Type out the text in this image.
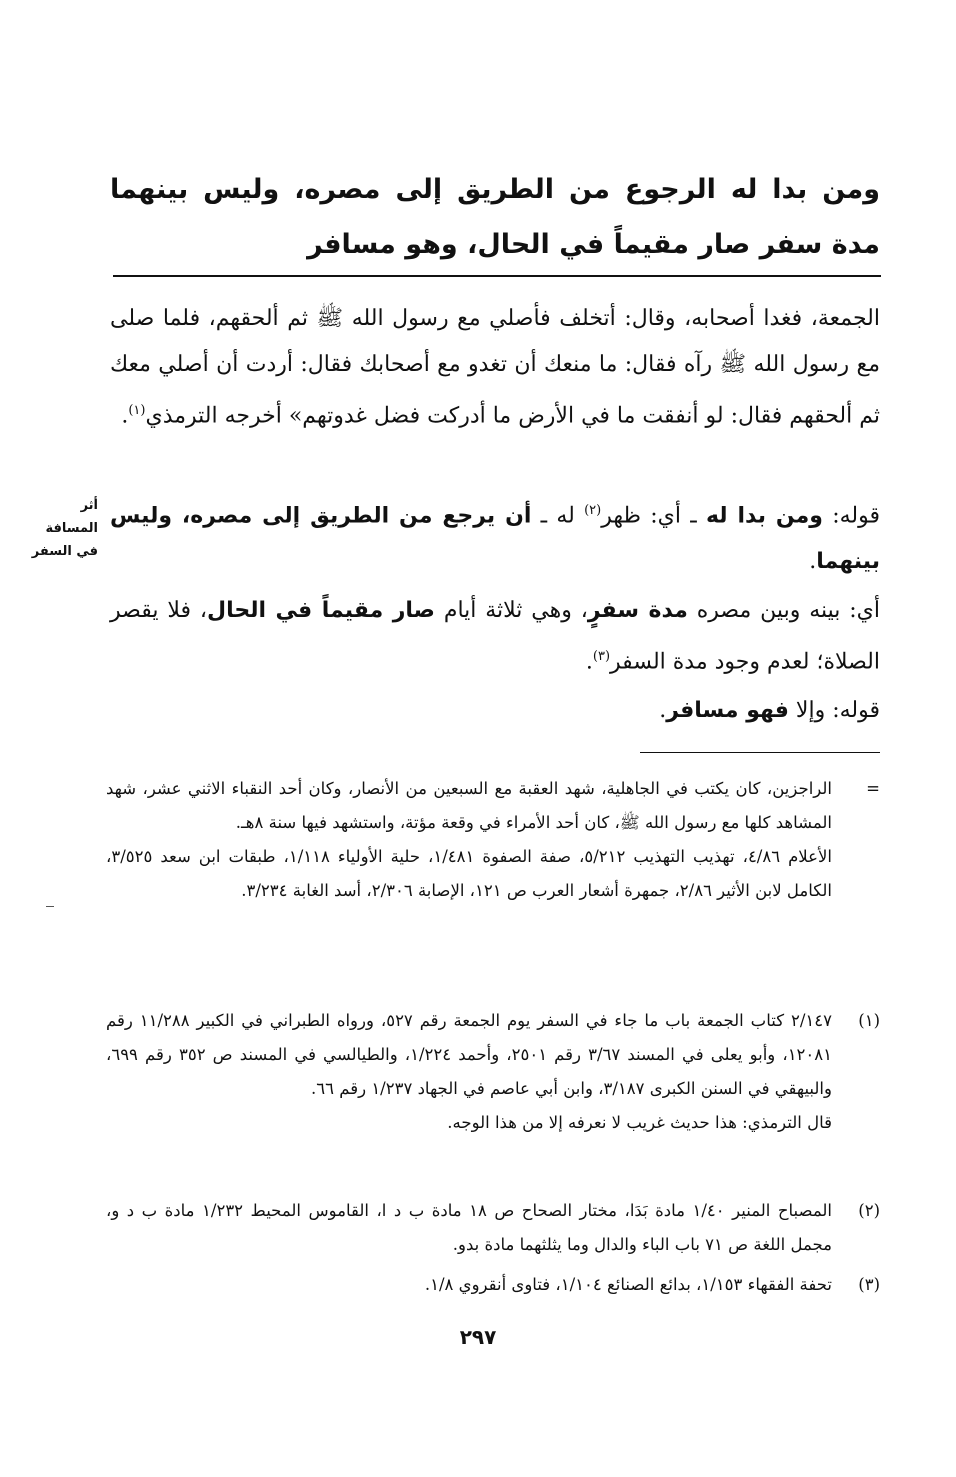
ومن بدا له الرجوع من الطريق إلى مصره، وليس بينهما مدة سفر صار مقيماً في الحال، وهو مسافر
الجمعة، فغدا أصحابه، وقال: أتخلف فأصلي مع رسول الله ﷺ ثم ألحقهم، فلما صلى مع رسول الله ﷺ رآه فقال: ما منعك أن تغدو مع أصحابك فقال: أردت أن أصلي معك ثم ألحقهم فقال: لو أنفقت ما في الأرض ما أدركت فضل غدوتهم» أخرجه الترمذي$^{(١)}$.
قوله: ومن بدا له ـ أي: ظهر$^{(٢)}$ له ـ أن يرجع من الطريق إلى مصره، وليس بينهما.
أي: بينه وبين مصره مدة سفرٍ، وهي ثلاثة أيام صار مقيماً في الحال، فلا يقصر الصلاة؛ لعدم وجود مدة السفر$^{(٣)}$.
قوله: وإلا فهو مسافر.
أثر
المسافة
في السفر
=
الراجزين، كان يكتب في الجاهلية، شهد العقبة مع السبعين من الأنصار، وكان أحد النقباء الاثني عشر، شهد المشاهد كلها مع رسول الله ﷺ، كان أحد الأمراء في وقعة مؤتة، واستشهد فيها سنة ٨هـ.
الأعلام ٤/٨٦، تهذيب التهذيب ٥/٢١٢، صفة الصفوة ١/٤٨١، حلية الأولياء ١/١١٨، طبقات ابن سعد ٣/٥٢٥، الكامل لابن الأثير ٢/٨٦، جمهرة أشعار العرب ص ١٢١، الإصابة ٢/٣٠٦، أسد الغابة ٣/٢٣٤.
(١)
٢/١٤٧ كتاب الجمعة باب ما جاء في السفر يوم الجمعة رقم ٥٢٧، ورواه الطبراني في الكبير ١١/٢٨٨ رقم ١٢٠٨١، وأبو يعلى في المسند ٣/٦٧ رقم ٢٥٠١، وأحمد ١/٢٢٤، والطيالسي في المسند ص ٣٥٢ رقم ٦٩٩، والبيهقي في السنن الكبرى ٣/١٨٧، وابن أبي عاصم في الجهاد ١/٢٣٧ رقم ٦٦.
قال الترمذي: هذا حديث غريب لا نعرفه إلا من هذا الوجه.
(٢)
المصباح المنير ١/٤٠ مادة بَدَا، مختار الصحاح ص ١٨ مادة ب د ا، القاموس المحيط ١/٢٣٢ مادة ب د و، مجمل اللغة ص ٧١ باب الباء والدال وما يثلثهما مادة بدو.
(٣)
تحفة الفقهاء ١/١٥٣، بدائع الصنائع ١/١٠٤، فتاوى أنقروي ١/٨.
٢٩٧
